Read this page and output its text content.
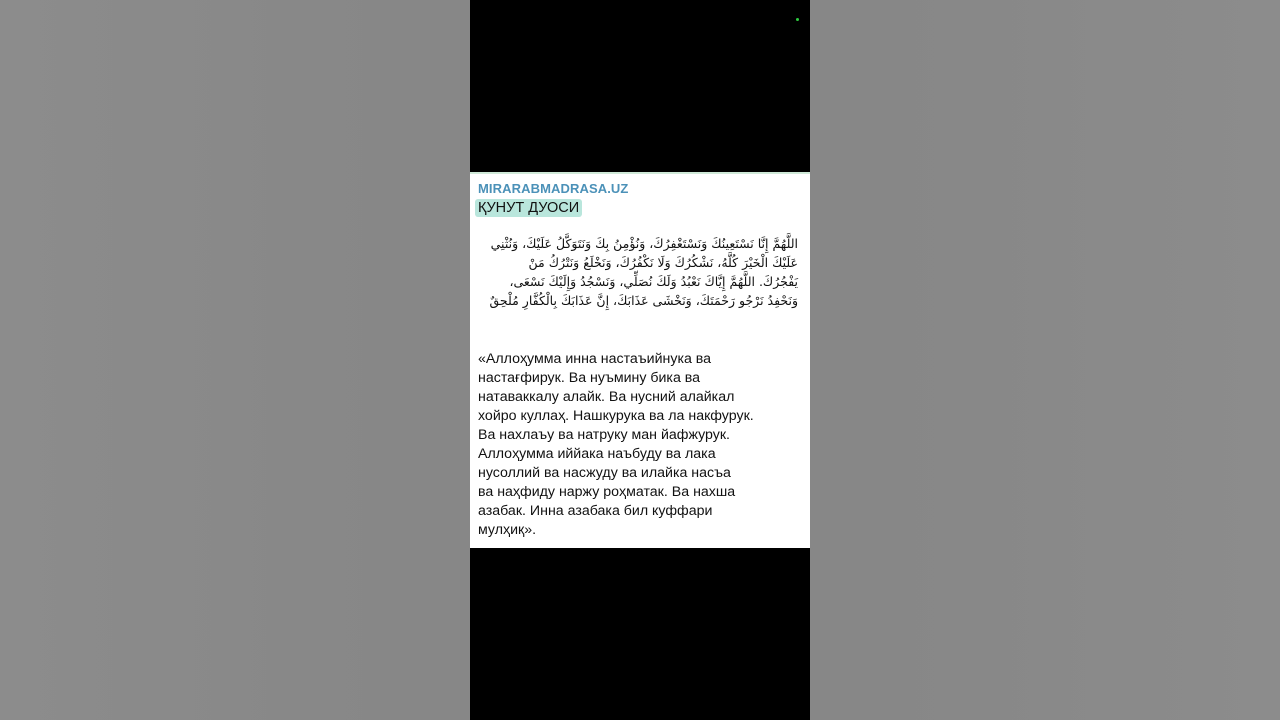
MIRARABMADRASA.UZ
ҚУНУТ ДУОСИ
اللَّهُمَّ إِنَّا نَسْتَعِينُكَ وَنَسْتَغْفِرُكَ، وَنُؤْمِنُ بِكَ وَنَتَوَكَّلُ عَلَيْكَ، وَنُثْنِي عَلَيْكَ الْخَيْرَ كُلَّهُ، نَشْكُرُكَ وَلَا نَكْفُرُكَ، وَنَخْلَعُ وَنَتْرُكُ مَنْ يَفْجُرُكَ. اللَّهُمَّ إِيَّاكَ نَعْبُدُ وَلَكَ نُصَلِّي، وَنَسْجُدُ وَإِلَيْكَ نَسْعَى، وَنَحْفِدُ نَرْجُو رَحْمَتَكَ، وَنَخْشَى عَذَابَكَ، إِنَّ عَذَابَكَ بِالْكُفَّارِ مُلْحِقٌ
«Аллоҳумма инна настаъийнука ва
настағфирук. Ва нуъмину бика ва
натаваккалу алайк. Ва нусний алайкал
хойро куллаҳ. Нашкурука ва ла накфурук.
Ва нахлаъу ва натруку ман йафжурук.
Аллоҳумма иййака наъбуду ва лака
нусоллий ва насжуду ва илайка насъа
ва наҳфиду наржу роҳматак. Ва нахша
азабак. Инна азабака бил куффари
мулҳиқ».
